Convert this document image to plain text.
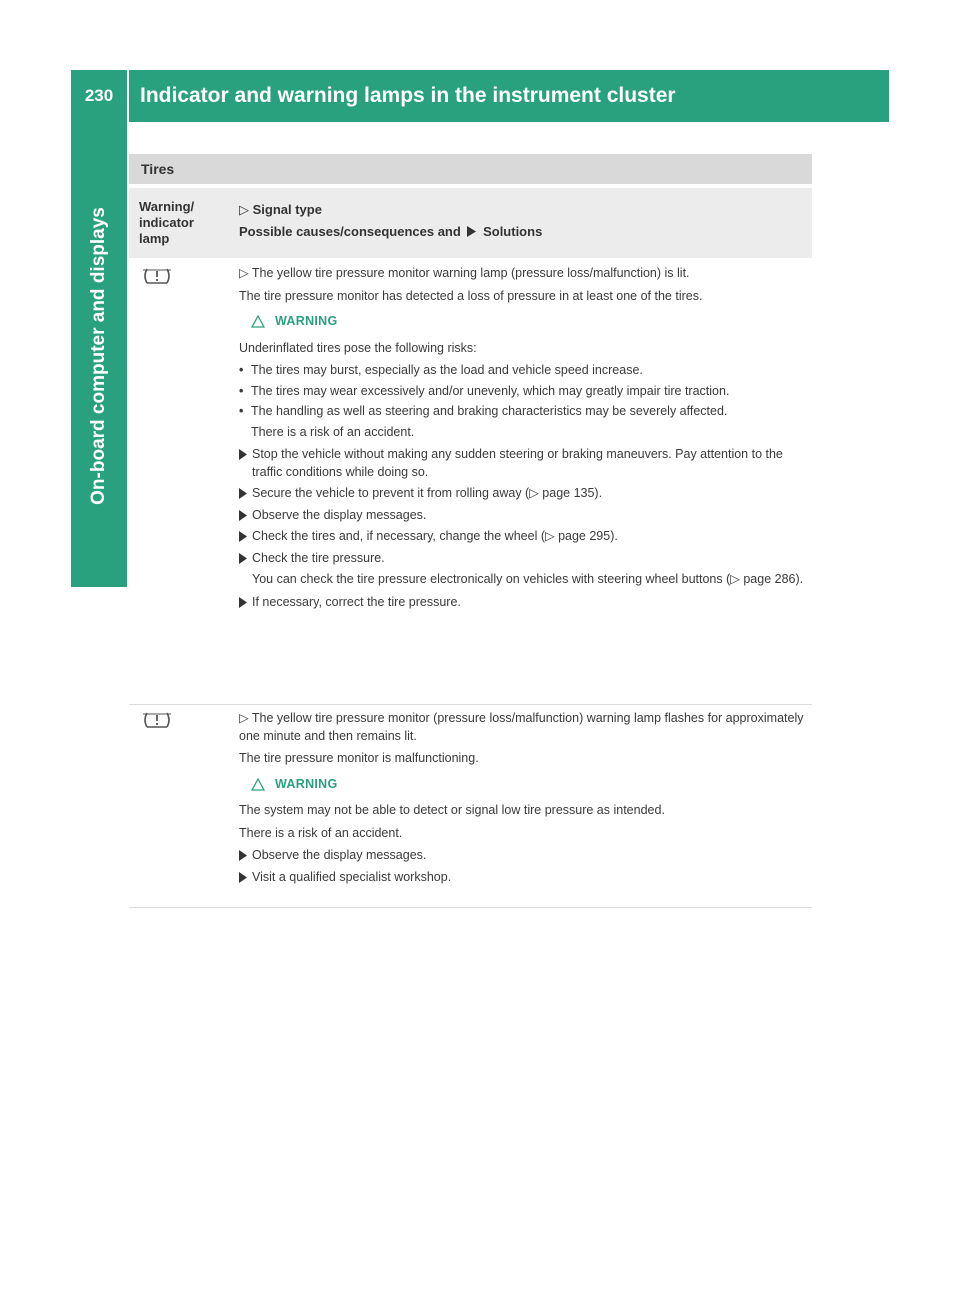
230	Indicator and warning lamps in the instrument cluster
On-board computer and displays
Tires
Warning/
indicator
lamp
▷ Signal type
Possible causes/consequences and Solutions

▷ The yellow tire pressure monitor warning lamp (pressure loss/malfunction) is lit.

The tire pressure monitor has detected a loss of pressure in at least one of the tires.

WARNING

Underinflated tires pose the following risks:

• The tires may burst, especially as the load and vehicle speed increase.
• The tires may wear excessively and/or unevenly, which may greatly impair tire traction.
• The handling as well as steering and braking characteristics may be severely affected.

There is a risk of an accident.

Stop the vehicle without making any sudden steering or braking maneuvers. Pay attention to the traffic conditions while doing so.
Secure the vehicle to prevent it from rolling away (▷ page 135).
Observe the display messages.
Check the tires and, if necessary, change the wheel (▷ page 295).
Check the tire pressure.

You can check the tire pressure electronically on vehicles with steering wheel buttons (▷ page 286).

If necessary, correct the tire pressure.

▷ The yellow tire pressure monitor (pressure loss/malfunction) warning lamp flashes for approximately one minute and then remains lit.

The tire pressure monitor is malfunctioning.

WARNING

The system may not be able to detect or signal low tire pressure as intended.

There is a risk of an accident.

Observe the display messages.
Visit a qualified specialist workshop.
